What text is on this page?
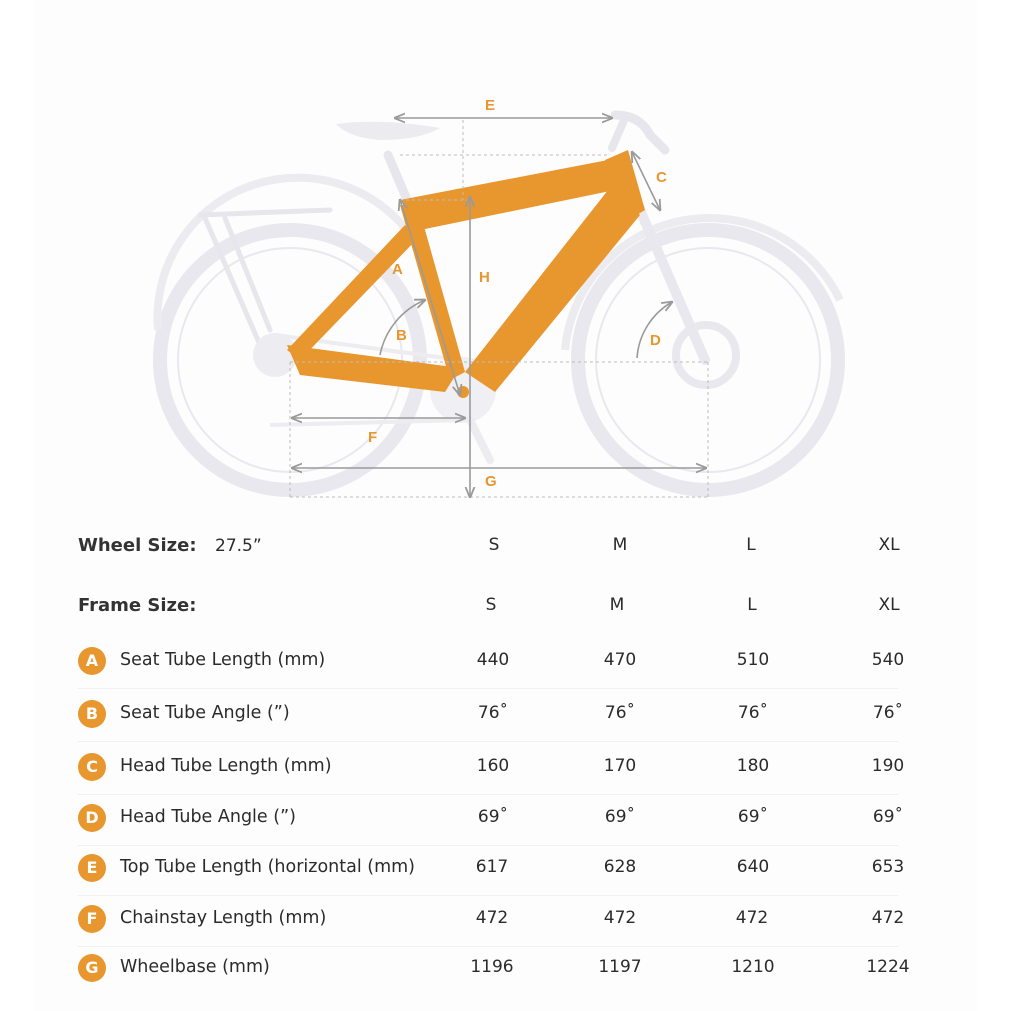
E
C
A	H
B	D
F
G
Wheel Size: 27.5”	S	M	L	XL
Frame Size:	S	M	L	XL
A	Seat Tube Length (mm)	440	470	510	540
B	Seat Tube Angle (”)	76˚	76˚	76˚	76˚
C	Head Tube Length (mm)	160	170	180	190
D	Head Tube Angle (”)	69˚	69˚	69˚	69˚
E	Top Tube Length (horizontal (mm)	617	628	640	653
F	Chainstay Length (mm)	472	472	472	472
G	Wheelbase (mm)	1196	1197	1210	1224
